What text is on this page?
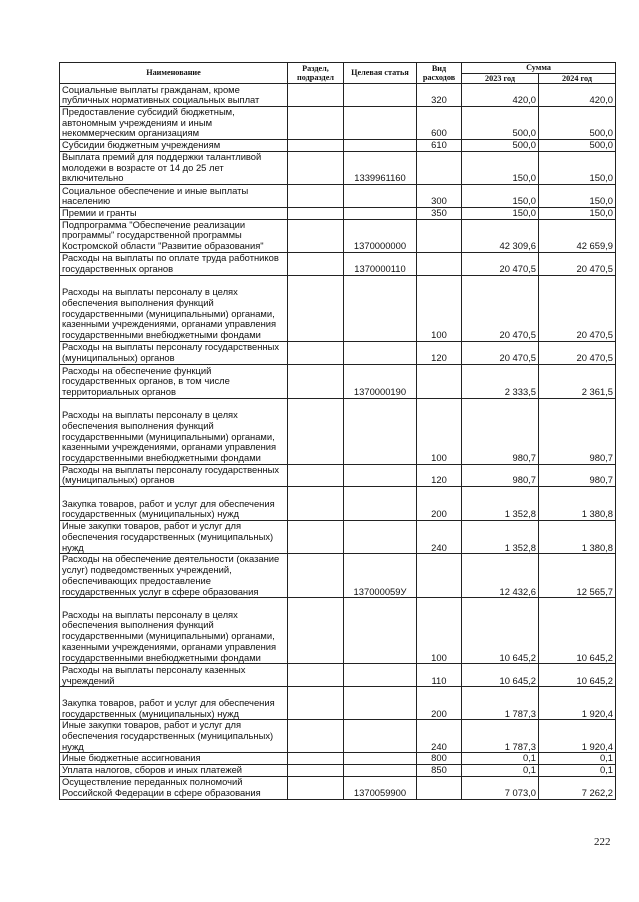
Наименование	Раздел, подраздел	Целевая статья	Вид расходов	Сумма	
				2023 год	2024 год
Социальные выплаты гражданам, кроме публичных нормативных социальных выплат			320	420,0	420,0
Предоставление субсидий бюджетным, автономным учреждениям и иным некоммерческим организациям			600	500,0	500,0
Субсидии бюджетным учреждениям			610	500,0	500,0
Выплата премий для поддержки талантливой молодежи в возрасте от 14 до 25 лет включительно		1339961160		150,0	150,0
Социальное обеспечение и иные выплаты населению			300	150,0	150,0
Премии и гранты			350	150,0	150,0
Подпрограмма "Обеспечение реализации программы" государственной программы Костромской области "Развитие образования"		1370000000		42 309,6	42 659,9
Расходы на выплаты по оплате труда работников государственных органов		1370000110		20 470,5	20 470,5
Расходы на выплаты персоналу в целях обеспечения выполнения функций государственными (муниципальными) органами, казенными учреждениями, органами управления государственными внебюджетными фондами			100	20 470,5	20 470,5
Расходы на выплаты персоналу государственных (муниципальных) органов			120	20 470,5	20 470,5
Расходы на обеспечение функций государственных органов, в том числе территориальных органов		1370000190		2 333,5	2 361,5
Расходы на выплаты персоналу в целях обеспечения выполнения функций государственными (муниципальными) органами, казенными учреждениями, органами управления государственными внебюджетными фондами			100	980,7	980,7
Расходы на выплаты персоналу государственных (муниципальных) органов			120	980,7	980,7
Закупка товаров, работ и услуг для обеспечения государственных (муниципальных) нужд			200	1 352,8	1 380,8
Иные закупки товаров, работ и услуг для обеспечения государственных (муниципальных) нужд			240	1 352,8	1 380,8
Расходы на обеспечение деятельности (оказание услуг) подведомственных учреждений, обеспечивающих предоставление государственных услуг в сфере образования		137000059У		12 432,6	12 565,7
Расходы на выплаты персоналу в целях обеспечения выполнения функций государственными (муниципальными) органами, казенными учреждениями, органами управления государственными внебюджетными фондами			100	10 645,2	10 645,2
Расходы на выплаты персоналу казенных учреждений			110	10 645,2	10 645,2
Закупка товаров, работ и услуг для обеспечения государственных (муниципальных) нужд			200	1 787,3	1 920,4
Иные закупки товаров, работ и услуг для обеспечения государственных (муниципальных) нужд			240	1 787,3	1 920,4
Иные бюджетные ассигнования			800	0,1	0,1
Уплата налогов, сборов и иных платежей			850	0,1	0,1
Осуществление переданных полномочий Российской Федерации в сфере образования		1370059900		7 073,0	7 262,2
222
